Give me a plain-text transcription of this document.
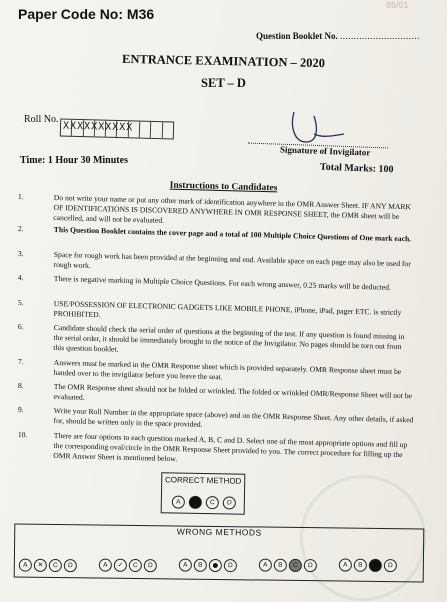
05/01
Paper Code No: M36
Question Booklet No. .............................
ENTRANCE EXAMINATION – 2020
SET – D
Roll No.
XXXXXXXXXX
Signature of Invigilator
Time: 1 Hour 30 Minutes
Total Marks: 100
Instructions to Candidates
1.	Do not write your name or put any other mark of identification anywhere in the OMR Answer Sheet. IF ANY MARK OF IDENTIFICATIONS IS DISCOVERED ANYWHERE IN OMR RESPONSE SHEET, the OMR sheet will be cancelled, and will not be evaluated.
2.	This Question Booklet contains the cover page and a total of 100 Multiple Choice Questions of One mark each.
3.	Space for rough work has been provided at the beginning and end. Available space on each page may also be used for rough work.
4.	There is negative marking in Multiple Choice Questions. For each wrong answer, 0.25 marks will be deducted.
5.	USE/POSSESSION OF ELECTRONIC GADGETS LIKE MOBILE PHONE, iPhone, iPad, pager ETC. is strictly PROHIBITED.
6.	Candidate should check the serial order of questions at the beginning of the test. If any question is found missing in the serial order, it should be immediately brought to the notice of the Invigilator. No pages should be torn out from this question booklet.
7.	Answers must be marked in the OMR Response sheet which is provided separately. OMR Response sheet must be handed over to the invigilator before you leave the seat.
8.	The OMR Response sheet should not be folded or wrinkled. The folded or wrinkled OMR/Response Sheet will not be evaluated.
9.	Write your Roll Number in the appropriate space (above) and on the OMR Response Sheet. Any other details, if asked for, should be written only in the space provided.
10.	There are four options to each question marked A, B, C and D. Select one of the most appropriate options and fill up the corresponding oval/circle in the OMR Response Sheet provided to you. The correct procedure for filling up the OMR Answer Sheet is mentioned below.
CORRECT METHOD
A	C	D
WRONG METHODS
A	✕	C	D	A	✓	C	D	A	B	D	A	B	C	D	A	B	D
